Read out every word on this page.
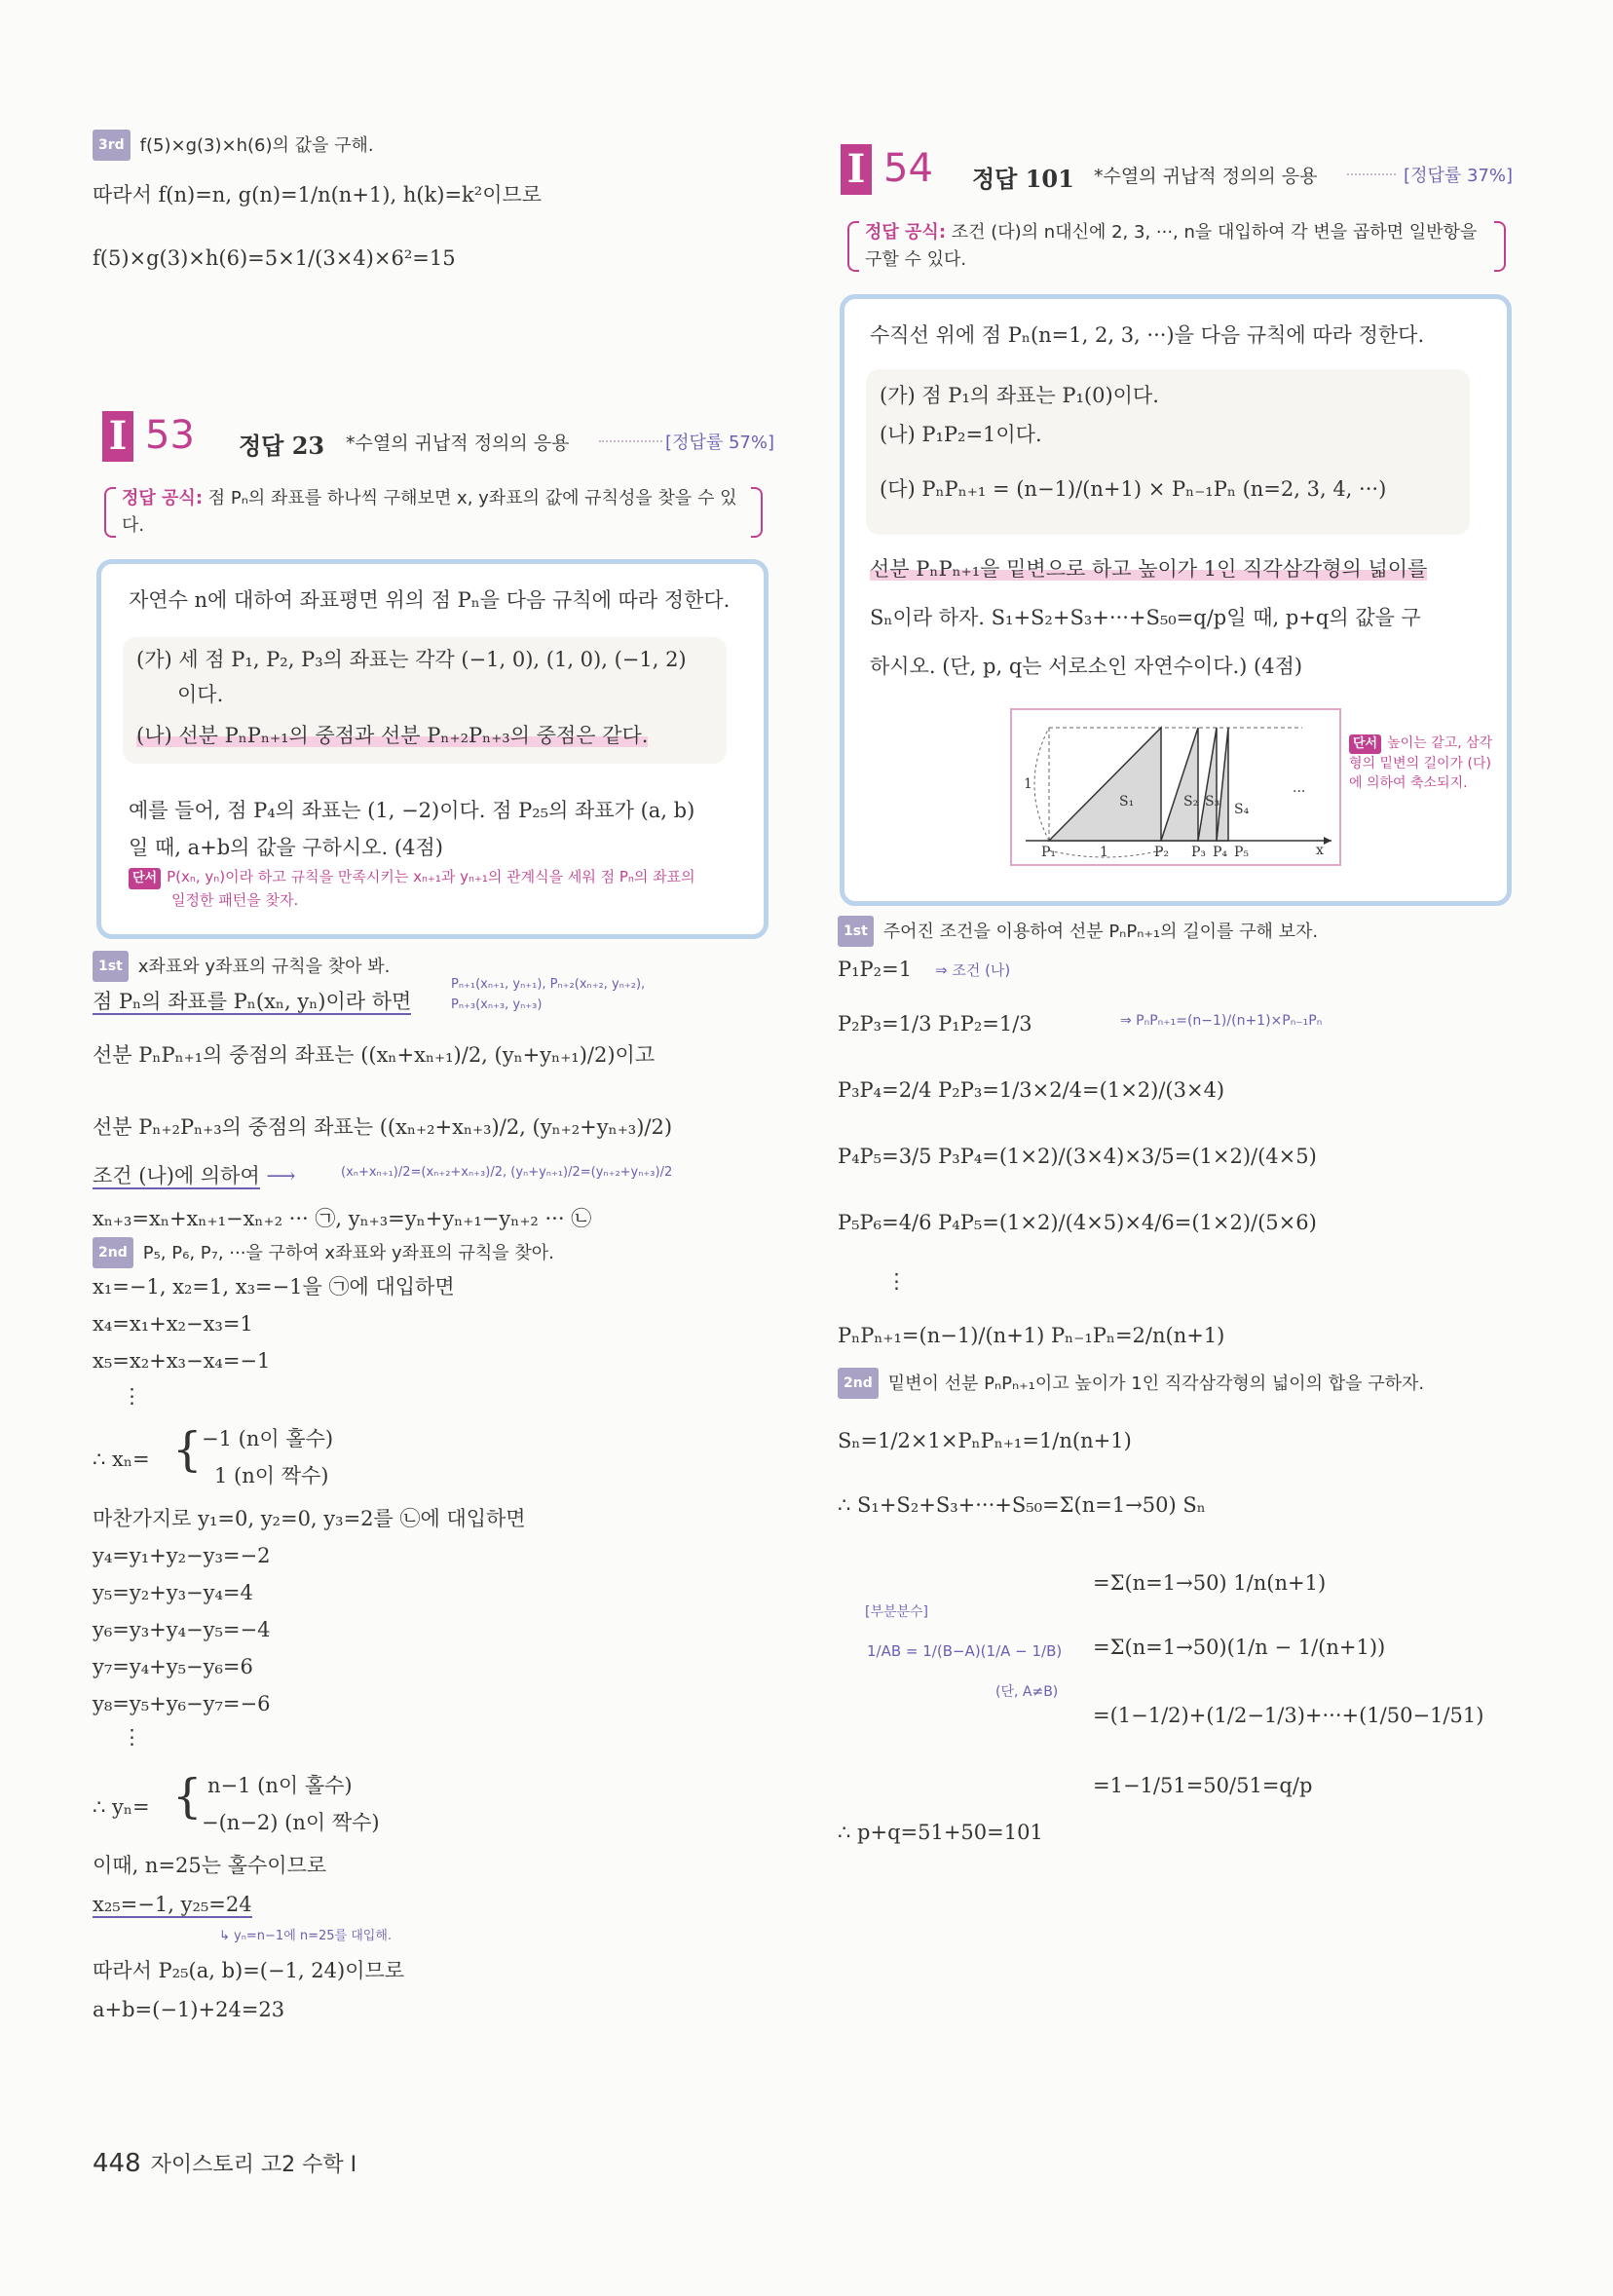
3rd f(5)×g(3)×h(6)의 값을 구해.
따라서 f(n)=n, g(n)=1/n(n+1), h(k)=k²이므로
f(5)×g(3)×h(6)=5×1/(3×4)×6²=15
I 53 정답 23 *수열의 귀납적 정의의 응용	[정답률 57%]
정답 공식: 점 Pₙ의 좌표를 하나씩 구해보면 x, y좌표의 값에 규칙성을 찾을 수 있다.
자연수 n에 대하여 좌표평면 위의 점 Pₙ을 다음 규칙에 따라 정한다.
(가) 세 점 P₁, P₂, P₃의 좌표는 각각 (−1, 0), (1, 0), (−1, 2)
이다.
(나) 선분 PₙPₙ₊₁의 중점과 선분 Pₙ₊₂Pₙ₊₃의 중점은 같다.
예를 들어, 점 P₄의 좌표는 (1, −2)이다. 점 P₂₅의 좌표가 (a, b)
일 때, a+b의 값을 구하시오. (4점)
단서 P(xₙ, yₙ)이라 하고 규칙을 만족시키는 xₙ₊₁과 yₙ₊₁의 관계식을 세워 점 Pₙ의 좌표의
일정한 패턴을 찾자.
1st x좌표와 y좌표의 규칙을 찾아 봐.
점 Pₙ의 좌표를 Pₙ(xₙ, yₙ)이라 하면
Pₙ₊₁(xₙ₊₁, yₙ₊₁), Pₙ₊₂(xₙ₊₂, yₙ₊₂),
Pₙ₊₃(xₙ₊₃, yₙ₊₃)
선분 PₙPₙ₊₁의 중점의 좌표는 ((xₙ+xₙ₊₁)/2, (yₙ+yₙ₊₁)/2)이고
선분 Pₙ₊₂Pₙ₊₃의 중점의 좌표는 ((xₙ₊₂+xₙ₊₃)/2, (yₙ₊₂+yₙ₊₃)/2)
조건 (나)에 의하여 ⟶	(xₙ+xₙ₊₁)/2=(xₙ₊₂+xₙ₊₃)/2, (yₙ+yₙ₊₁)/2=(yₙ₊₂+yₙ₊₃)/2
xₙ₊₃=xₙ+xₙ₊₁−xₙ₊₂ ··· ㉠, yₙ₊₃=yₙ+yₙ₊₁−yₙ₊₂ ··· ㉡
2nd P₅, P₆, P₇, ···을 구하여 x좌표와 y좌표의 규칙을 찾아.
x₁=−1, x₂=1, x₃=−1을 ㉠에 대입하면
x₄=x₁+x₂−x₃=1
x₅=x₂+x₃−x₄=−1
⋮
∴ xₙ= { −1 (n이 홀수)
1 (n이 짝수)
마찬가지로 y₁=0, y₂=0, y₃=2를 ㉡에 대입하면
y₄=y₁+y₂−y₃=−2
y₅=y₂+y₃−y₄=4
y₆=y₃+y₄−y₅=−4
y₇=y₄+y₅−y₆=6
y₈=y₅+y₆−y₇=−6
⋮
∴ yₙ= { n−1 (n이 홀수)
−(n−2) (n이 짝수)
이때, n=25는 홀수이므로
x₂₅=−1, y₂₅=24
↳ yₙ=n−1에 n=25를 대입해.
따라서 P₂₅(a, b)=(−1, 24)이므로
a+b=(−1)+24=23
I 54 정답 101 *수열의 귀납적 정의의 응용	[정답률 37%]
정답 공식: 조건 (다)의 n대신에 2, 3, ···, n을 대입하여 각 변을 곱하면 일반항을 구할 수 있다.
수직선 위에 점 Pₙ(n=1, 2, 3, ···)을 다음 규칙에 따라 정한다.
(가) 점 P₁의 좌표는 P₁(0)이다.
(나) P₁P₂=1이다.
(다) PₙPₙ₊₁ = (n−1)/(n+1) × Pₙ₋₁Pₙ (n=2, 3, 4, ···)
선분 PₙPₙ₊₁을 밑변으로 하고 높이가 1인 직각삼각형의 넓이를
Sₙ이라 하자. S₁+S₂+S₃+···+S₅₀=q/p일 때, p+q의 값을 구
하시오. (단, p, q는 서로소인 자연수이다.) (4점)
1
S₁	S₂ S₃ S₄
···
P₁	1	P₂ P₃ P₄ P₅	x
단서 높이는 같고, 삼각형의 밑변의 길이가 (다)에 의하여 축소되지.
1st 주어진 조건을 이용하여 선분 PₙPₙ₊₁의 길이를 구해 보자.
P₁P₂=1 ⇒ 조건 (나)
P₂P₃=1/3 P₁P₂=1/3	⇒ PₙPₙ₊₁=(n−1)/(n+1)×Pₙ₋₁Pₙ
P₃P₄=2/4 P₂P₃=1/3×2/4=(1×2)/(3×4)
P₄P₅=3/5 P₃P₄=(1×2)/(3×4)×3/5=(1×2)/(4×5)
P₅P₆=4/6 P₄P₅=(1×2)/(4×5)×4/6=(1×2)/(5×6)
⋮
PₙPₙ₊₁=(n−1)/(n+1) Pₙ₋₁Pₙ=2/n(n+1)
2nd 밑변이 선분 PₙPₙ₊₁이고 높이가 1인 직각삼각형의 넓이의 합을 구하자.
Sₙ=1/2×1×PₙPₙ₊₁=1/n(n+1)
∴ S₁+S₂+S₃+···+S₅₀=Σ(n=1→50) Sₙ
=Σ(n=1→50) 1/n(n+1)
[부분분수]
1/AB = 1/(B−A)(1/A − 1/B)
(단, A≠B)
=Σ(n=1→50)(1/n − 1/(n+1))
=(1−1/2)+(1/2−1/3)+···+(1/50−1/51)
=1−1/51=50/51=q/p
∴ p+q=51+50=101
448 자이스토리 고2 수학 I
